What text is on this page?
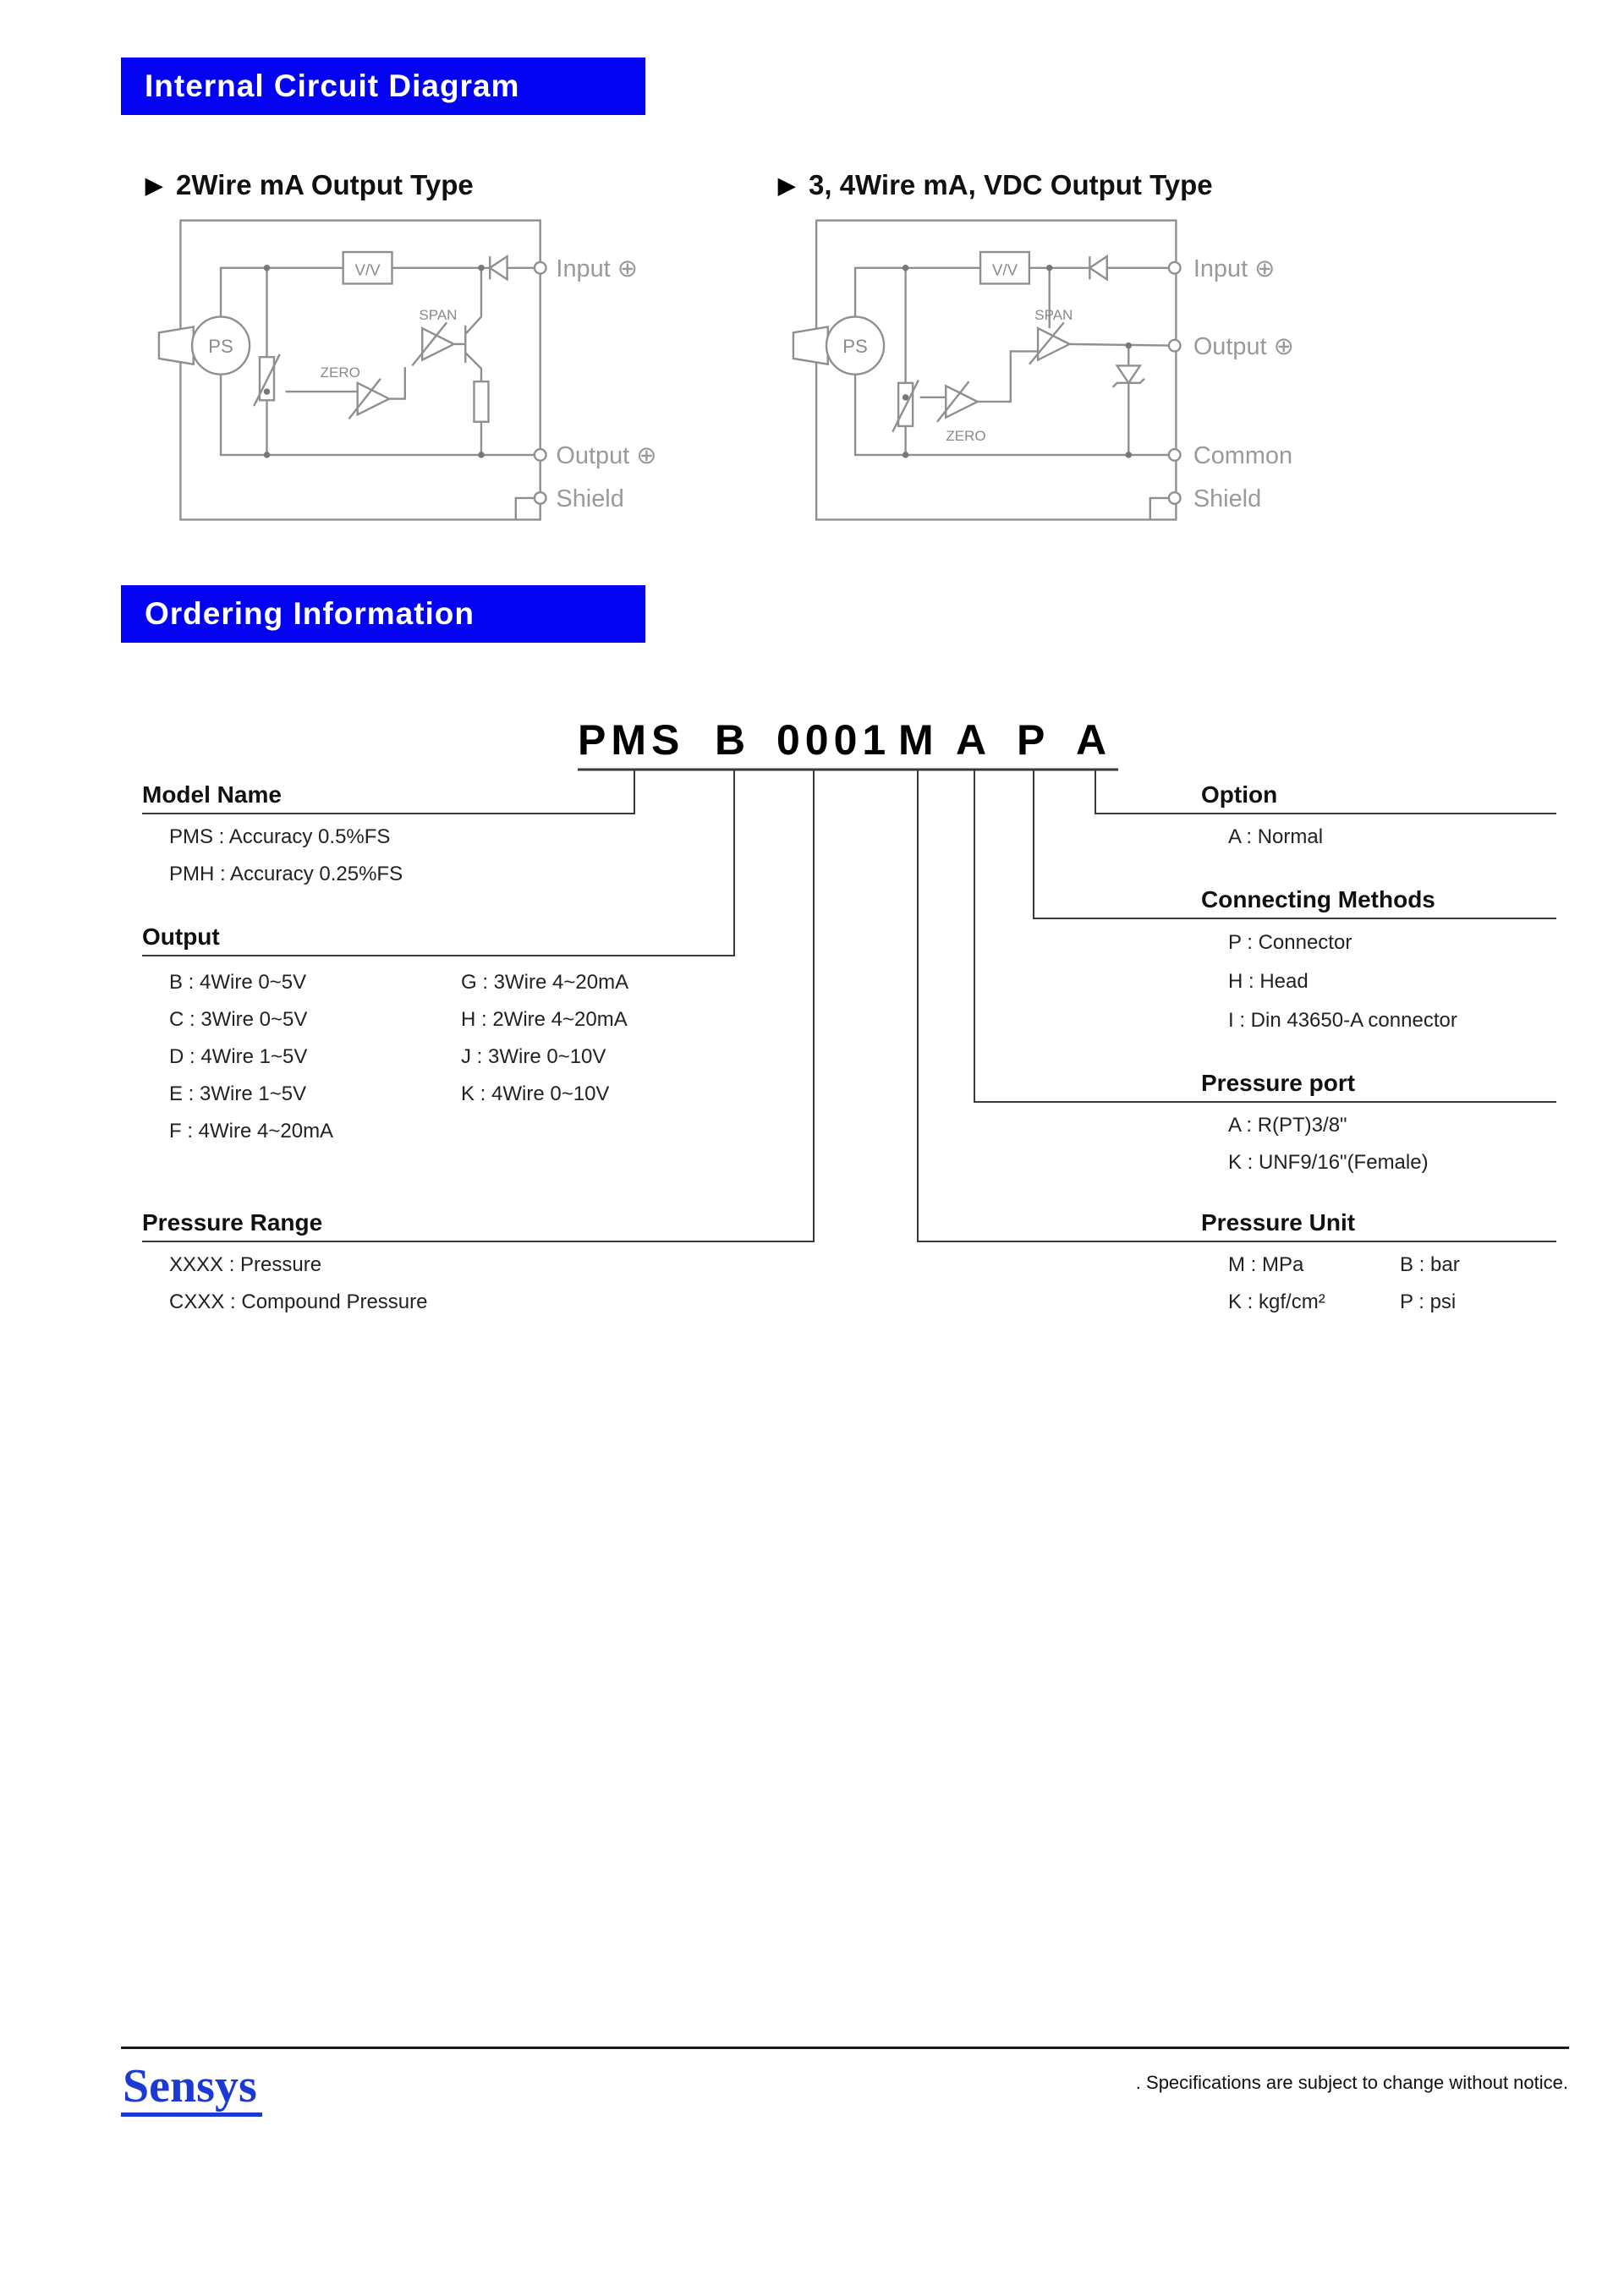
Internal Circuit Diagram
▶ 2Wire mA Output Type	▶ 3, 4Wire mA, VDC Output Type
PS
V/V
SPAN
ZERO
Input ⊕
Output ⊕
Shield
PS
V/V
SPAN
ZERO
Input ⊕
Output ⊕
Common
Shield
Ordering Information
PMS B 0001 M A P A
Model Name
PMS : Accuracy 0.5%FS
PMH : Accuracy 0.25%FS
Output
B : 4Wire 0~5V
C : 3Wire 0~5V
D : 4Wire 1~5V
E : 3Wire 1~5V
F : 4Wire 4~20mA
G : 3Wire 4~20mA
H : 2Wire 4~20mA
J : 3Wire 0~10V
K : 4Wire 0~10V
Pressure Range
XXXX : Pressure
CXXX : Compound Pressure
Option
A : Normal
Connecting Methods
P : Connector
H : Head
I : Din 43650-A connector
Pressure port
A : R(PT)3/8"
K : UNF9/16"(Female)
Pressure Unit
M : MPa
K : kgf/cm²
B : bar
P : psi
Sensys	. Specifications are subject to change without notice.
